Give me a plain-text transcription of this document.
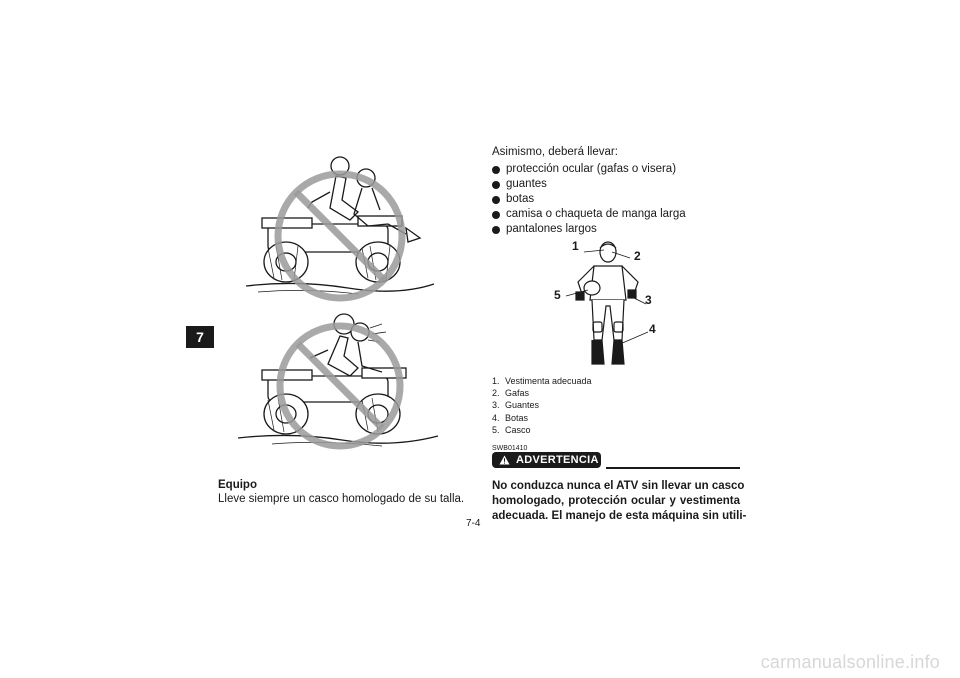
7
Equipo
Lleve siempre un casco homologado de su talla.
Asimismo, deberá llevar:
protección ocular (gafas o visera)
guantes
botas
camisa o chaqueta de manga larga
pantalones largos
1
2
3
4
5
1. Vestimenta adecuada
2. Gafas
3. Guantes
4. Botas
5. Casco
SWB01410
ADVERTENCIA
No conduzca nunca el ATV sin llevar un casco
homologado, protección ocular y vestimenta
adecuada. El manejo de esta máquina sin utili-
7-4
carmanualsonline.info
